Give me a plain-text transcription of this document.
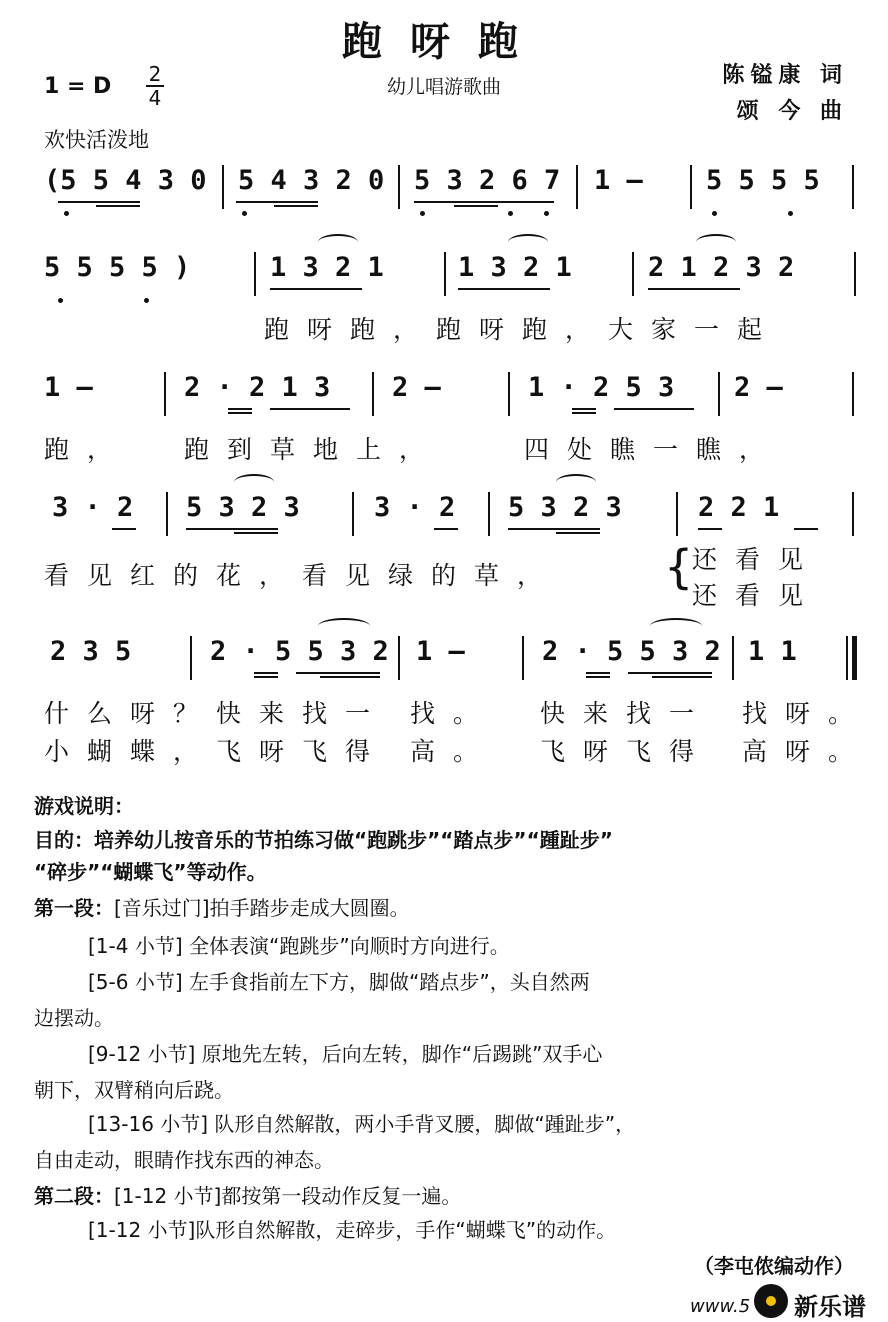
跑呀跑
1 = D 2
4	幼儿唱游歌曲	陈镒康 词
颂 今 曲
欢快活泼地
(5 5 4 3 0 5 4 3 2 0 5 3 2 6 7 1 – 5 5 5 5
5 5 5 5 )	1 3 2 1	1 3 2 1	2 1 2 3 2
跑呀跑，跑呀跑，大家一起
1 –	2 · 2 1 3 2 –	1 · 2 5 3 2 –
跑， 跑到草地上，	四处瞧一瞧，
3 · 2 5 3 2 3	3 · 2 5 3 2 3	2 2 1
看见红的花，看见绿的草， {
还看见
还看见
2 3 5	2 · 5 5 3 2 1 –	2 · 5 5 3 2 1 1
什么呀？快来找一 找。 快来找一 找呀。
小蝴蝶，飞呀飞得 高。 飞呀飞得 高呀。
游戏说明：
目的：培养幼儿按音乐的节拍练习做“跑跳步”“踏点步”“踵趾步”
“碎步”“蝴蝶飞”等动作。
第一段：[音乐过门]拍手踏步走成大圆圈。
[1-4 小节] 全体表演“跑跳步”向顺时方向进行。
[5-6 小节] 左手食指前左下方，脚做“踏点步”，头自然两
边摆动。
[9-12 小节] 原地先左转，后向左转，脚作“后踢跳”双手心
朝下，双臂稍向后跷。
[13-16 小节] 队形自然解散，两小手背叉腰，脚做“踵趾步”，
自由走动，眼睛作找东西的神态。
第二段：[1-12 小节]都按第一段动作反复一遍。
[1-12 小节]队形自然解散，走碎步，手作“蝴蝶飞”的动作。
（李屯侬编动作）
www.5 新乐谱
